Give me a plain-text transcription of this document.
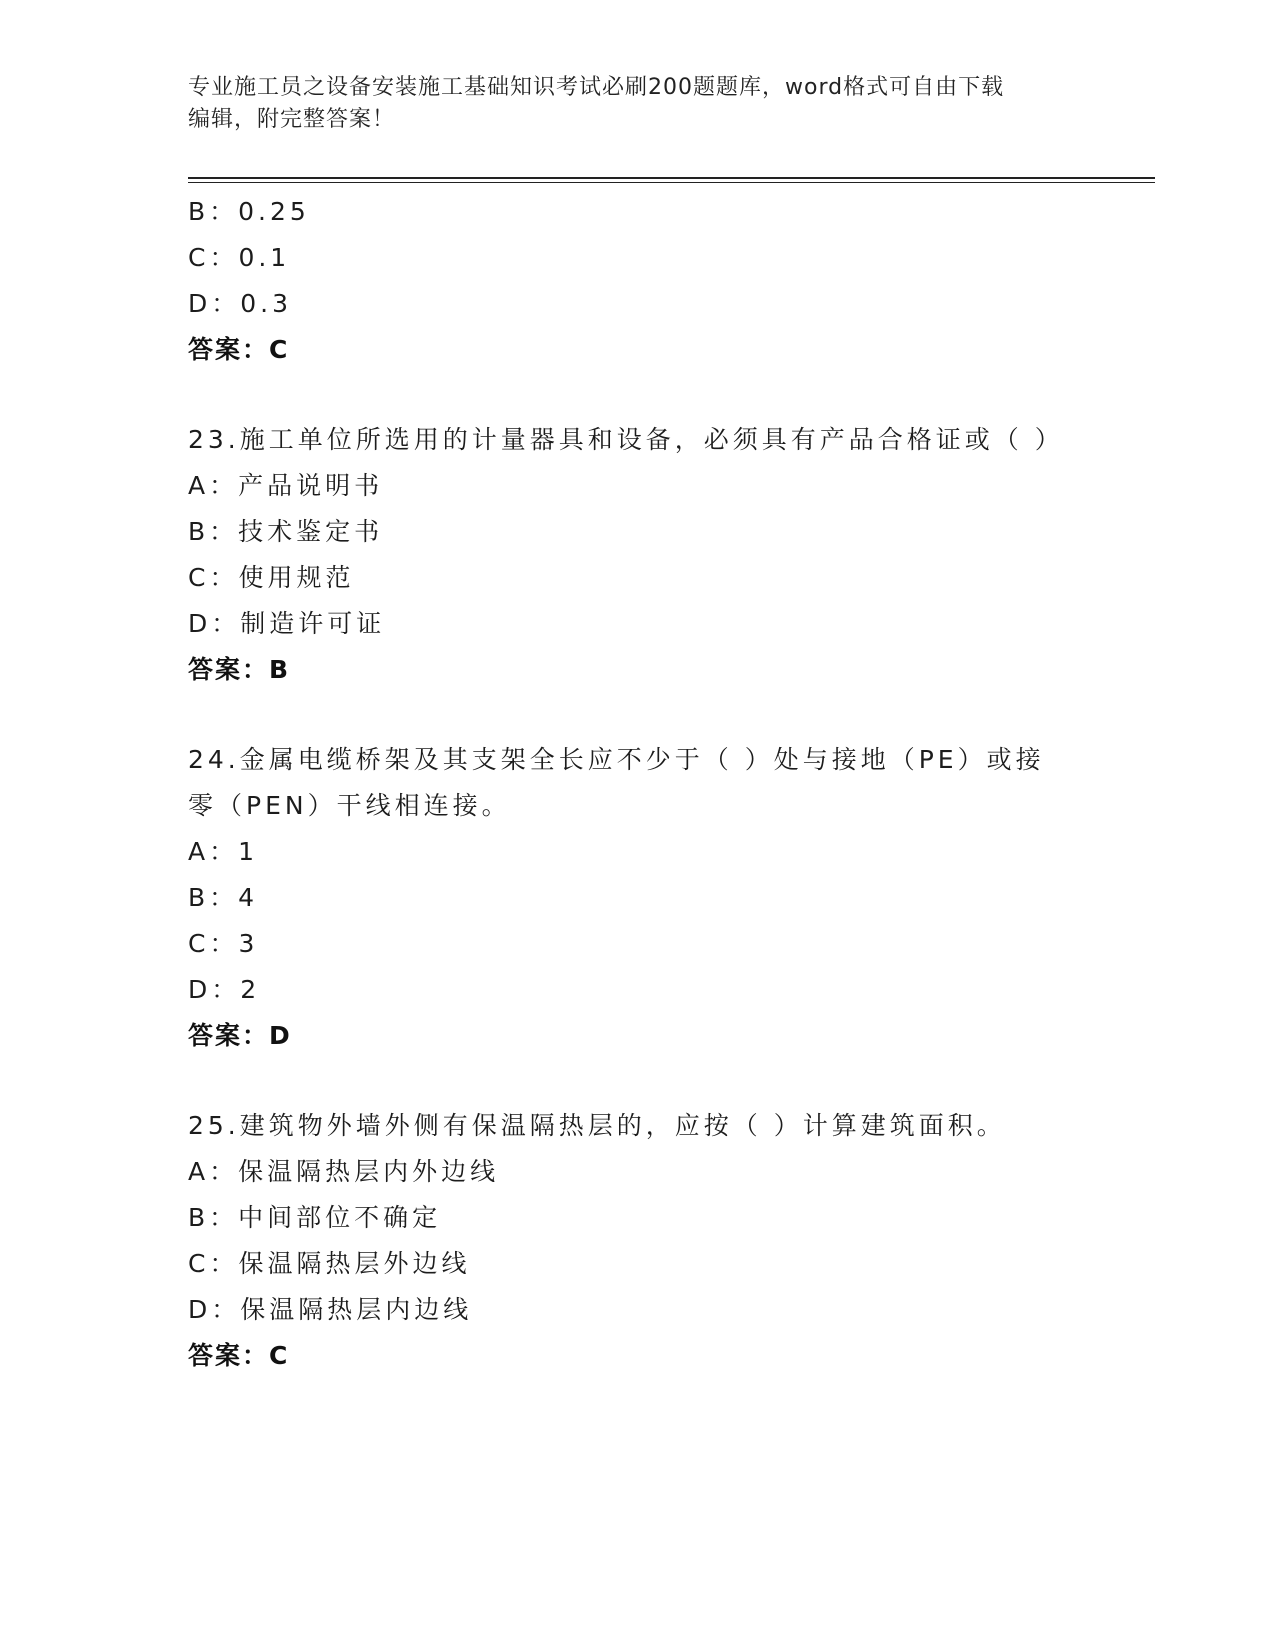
专业施工员之设备安装施工基础知识考试必刷200题题库，word格式可自由下载
编辑，附完整答案！
B：0.25
C：0.1
D：0.3
答案：C
23.施工单位所选用的计量器具和设备，必须具有产品合格证或（ ）
A：产品说明书
B：技术鉴定书
C：使用规范
D：制造许可证
答案：B
24.金属电缆桥架及其支架全长应不少于（ ）处与接地（PE）或接零（PEN）干线相连接。
A：1
B：4
C：3
D：2
答案：D
25.建筑物外墙外侧有保温隔热层的，应按（ ）计算建筑面积。
A：保温隔热层内外边线
B：中间部位不确定
C：保温隔热层外边线
D：保温隔热层内边线
答案：C
